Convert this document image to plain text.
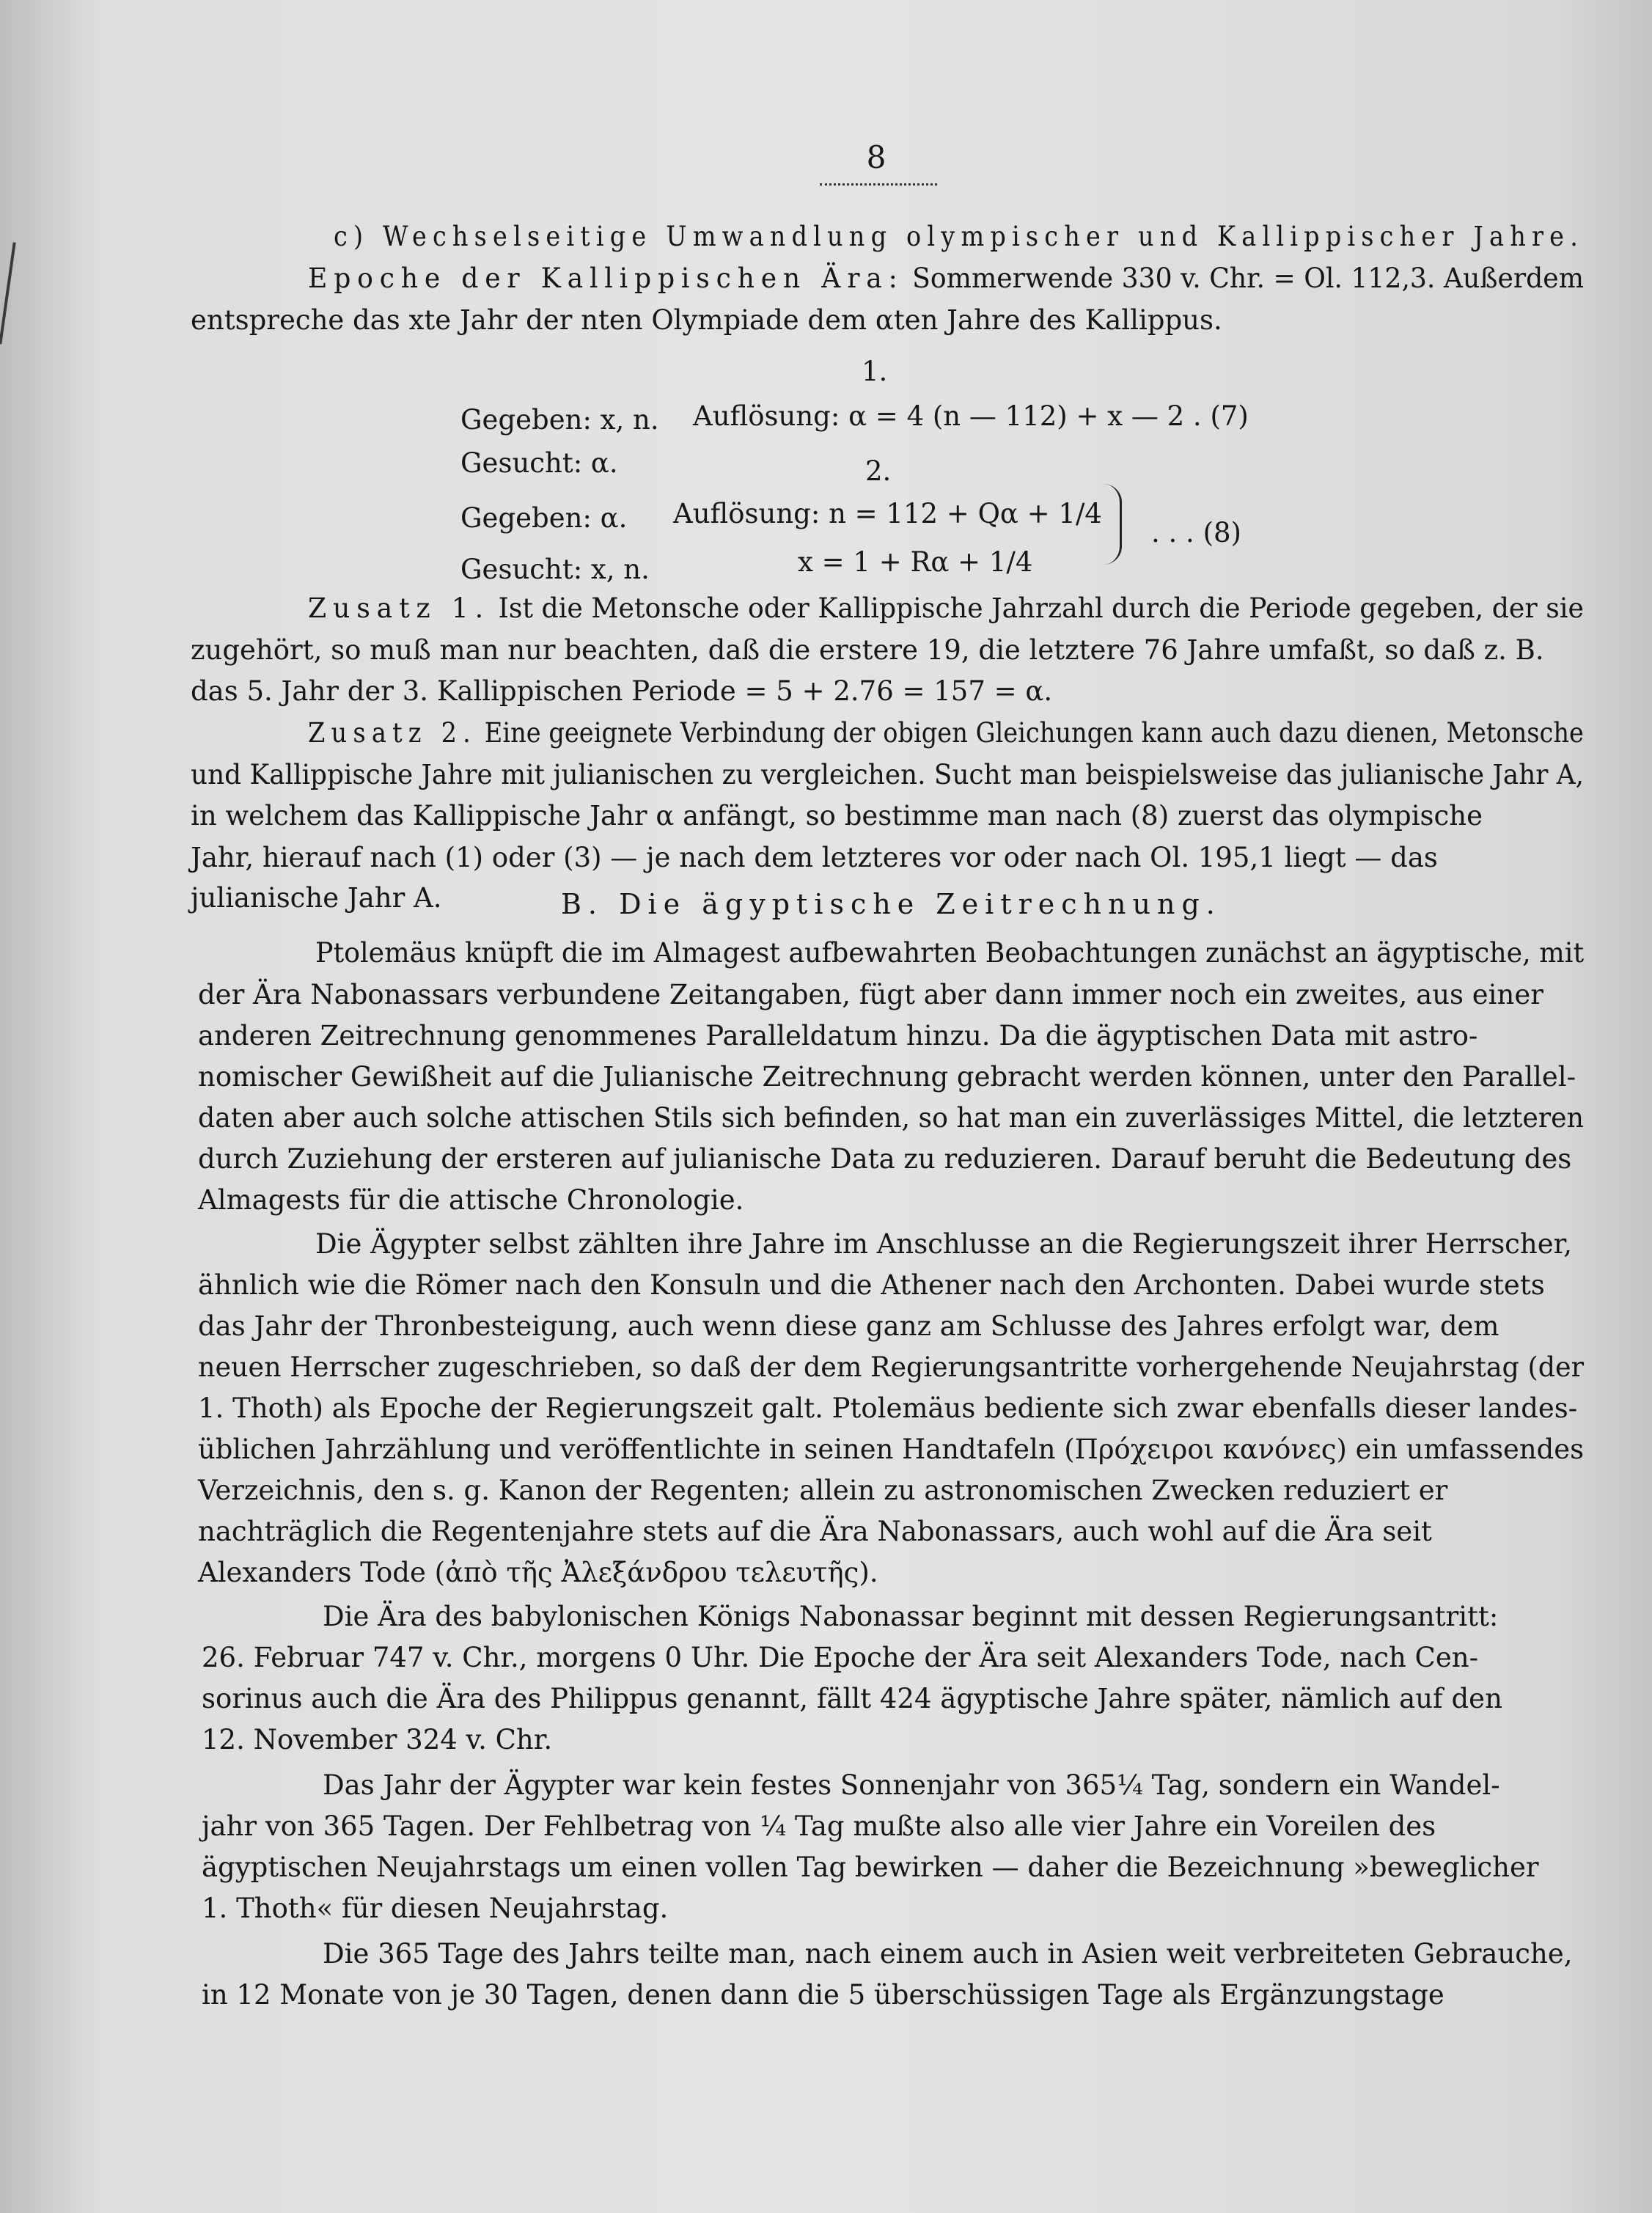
8
c) Wechselseitige Umwandlung olympischer und Kallippischer Jahre.
Epoche der Kallippischen Ära: Sommerwende 330 v. Chr. = Ol. 112,3. Außerdem
entspreche das xte Jahr der nten Olympiade dem αten Jahre des Kallippus.
1.
Gegeben: x, n. Auflösung: α = 4 (n — 112) + x — 2 . (7)
Gesucht: α.	2.
Gegeben: α. Auflösung: n = 112 + Qα + 1/4
Gesucht: x, n.	x = 1 + Rα + 1/4
. . . (8)
Zusatz 1. Ist die Metonsche oder Kallippische Jahrzahl durch die Periode gegeben, der sie
zugehört, so muß man nur beachten, daß die erstere 19, die letztere 76 Jahre umfaßt, so daß z. B.
das 5. Jahr der 3. Kallippischen Periode = 5 + 2.76 = 157 = α.
Zusatz 2. Eine geeignete Verbindung der obigen Gleichungen kann auch dazu dienen, Metonsche
und Kallippische Jahre mit julianischen zu vergleichen. Sucht man beispielsweise das julianische Jahr A,
in welchem das Kallippische Jahr α anfängt, so bestimme man nach (8) zuerst das olympische
Jahr, hierauf nach (1) oder (3) — je nach dem letzteres vor oder nach Ol. 195,1 liegt — das
julianische Jahr A.	B. Die ägyptische Zeitrechnung.
Ptolemäus knüpft die im Almagest aufbewahrten Beobachtungen zunächst an ägyptische, mit
der Ära Nabonassars verbundene Zeitangaben, fügt aber dann immer noch ein zweites, aus einer
anderen Zeitrechnung genommenes Paralleldatum hinzu. Da die ägyptischen Data mit astro-
nomischer Gewißheit auf die Julianische Zeitrechnung gebracht werden können, unter den Parallel-
daten aber auch solche attischen Stils sich befinden, so hat man ein zuverlässiges Mittel, die letzteren
durch Zuziehung der ersteren auf julianische Data zu reduzieren. Darauf beruht die Bedeutung des
Almagests für die attische Chronologie.
Die Ägypter selbst zählten ihre Jahre im Anschlusse an die Regierungszeit ihrer Herrscher,
ähnlich wie die Römer nach den Konsuln und die Athener nach den Archonten. Dabei wurde stets
das Jahr der Thronbesteigung, auch wenn diese ganz am Schlusse des Jahres erfolgt war, dem
neuen Herrscher zugeschrieben, so daß der dem Regierungsantritte vorhergehende Neujahrstag (der
1. Thoth) als Epoche der Regierungszeit galt. Ptolemäus bediente sich zwar ebenfalls dieser landes-
üblichen Jahrzählung und veröffentlichte in seinen Handtafeln (Πρόχειροι κανόνες) ein umfassendes
Verzeichnis, den s. g. Kanon der Regenten; allein zu astronomischen Zwecken reduziert er
nachträglich die Regentenjahre stets auf die Ära Nabonassars, auch wohl auf die Ära seit
Alexanders Tode (ἀπὸ τῆς Ἀλεξάνδρου τελευτῆς).
Die Ära des babylonischen Königs Nabonassar beginnt mit dessen Regierungsantritt:
26. Februar 747 v. Chr., morgens 0 Uhr. Die Epoche der Ära seit Alexanders Tode, nach Cen-
sorinus auch die Ära des Philippus genannt, fällt 424 ägyptische Jahre später, nämlich auf den
12. November 324 v. Chr.
Das Jahr der Ägypter war kein festes Sonnenjahr von 365¼ Tag, sondern ein Wandel-
jahr von 365 Tagen. Der Fehlbetrag von ¼ Tag mußte also alle vier Jahre ein Voreilen des
ägyptischen Neujahrstags um einen vollen Tag bewirken — daher die Bezeichnung »beweglicher
1. Thoth« für diesen Neujahrstag.
Die 365 Tage des Jahrs teilte man, nach einem auch in Asien weit verbreiteten Gebrauche,
in 12 Monate von je 30 Tagen, denen dann die 5 überschüssigen Tage als Ergänzungstage
